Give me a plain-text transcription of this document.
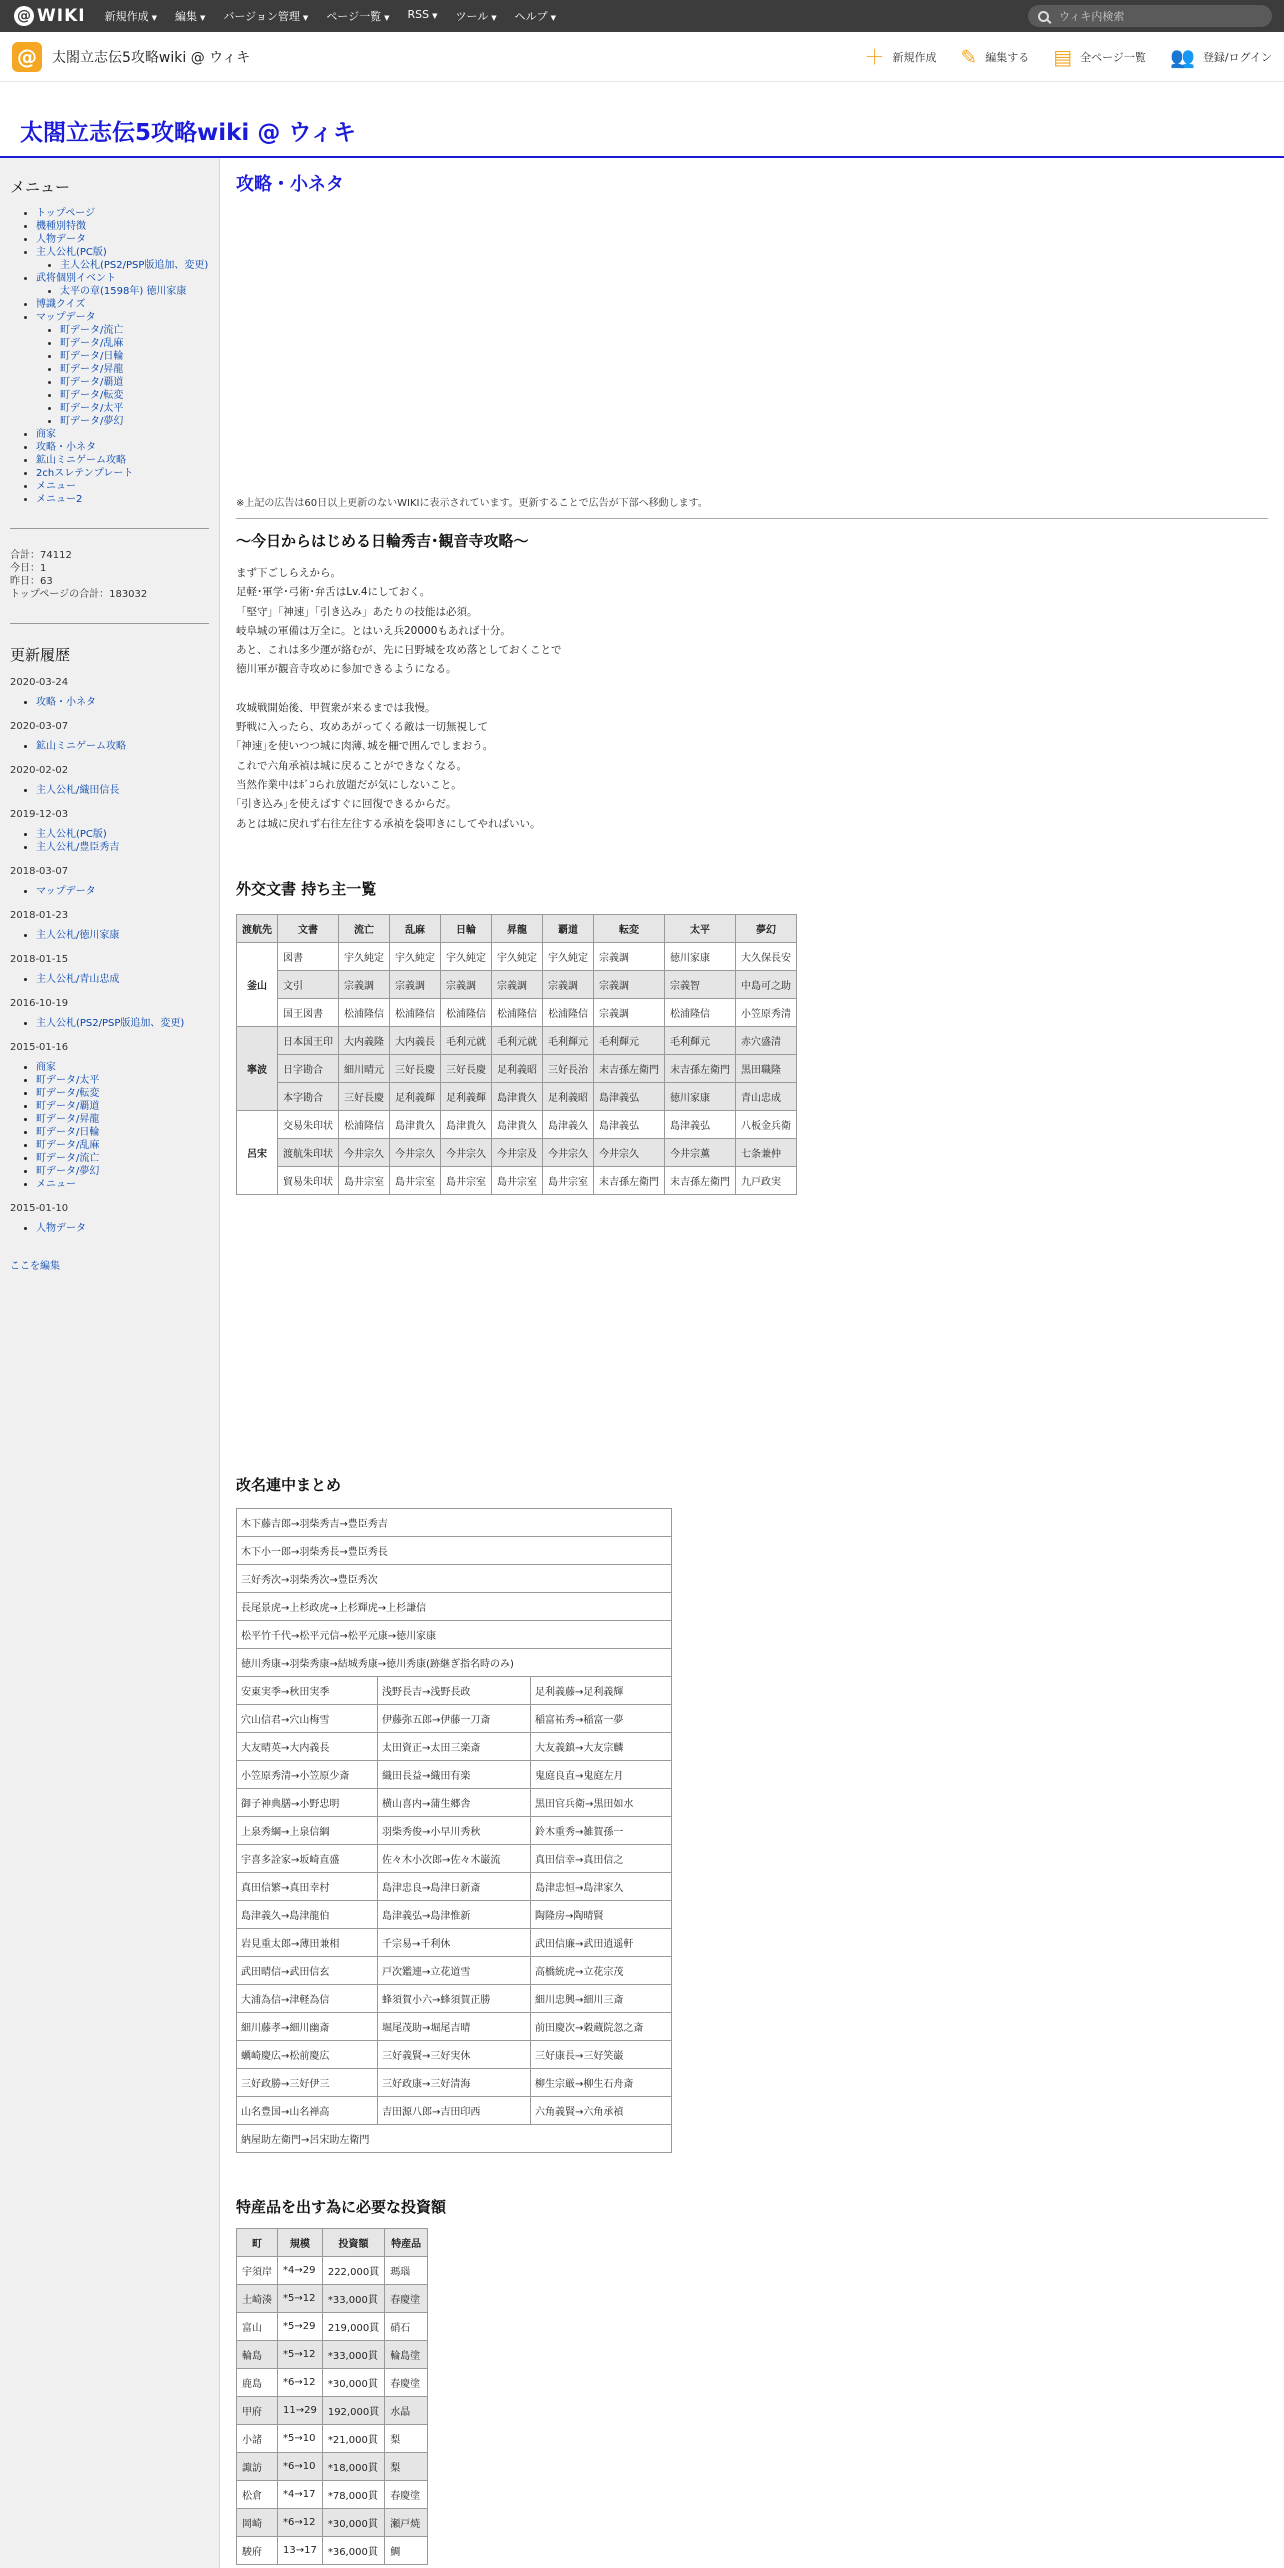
@ WIKI	新規作成 ▼	編集 ▼	バージョン管理 ▼	ページ一覧 ▼	RSS ▼	ツール ▼	ヘルプ ▼
ウィキ内検索
@	太閤立志伝5攻略wiki @ ウィキ	＋ 新規作成 ✎ 編集する ▤ 全ページ一覧 👥 登録/ログイン
太閤立志伝5攻略wiki @ ウィキ
メニュー
• トップページ
• 機種別特徴
• 人物データ
• 主人公札(PC版)
• 主人公札(PS2/PSP版追加、変更)
• 武将個別イベント
• 太平の章(1598年) 徳川家康
• 博識クイズ
• マップデータ
• 町データ/流亡
• 町データ/乱麻
• 町データ/日輪
• 町データ/昇龍
• 町データ/覇道
• 町データ/転変
• 町データ/太平
• 町データ/夢幻
• 商家
• 攻略・小ネタ
• 鉱山ミニゲーム攻略
• 2chスレテンプレート
• メニュー
• メニュー2
合計：74112
今日：1
昨日：63
トップページの合計：183032
更新履歴
2020-03-24
• 攻略・小ネタ
2020-03-07
• 鉱山ミニゲーム攻略
2020-02-02
• 主人公札/織田信長
2019-12-03
• 主人公札(PC版)
• 主人公札/豊臣秀吉
2018-03-07
• マップデータ
2018-01-23
• 主人公札/徳川家康
2018-01-15
• 主人公札/青山忠成
2016-10-19
• 主人公札(PS2/PSP版追加、変更)
2015-01-16
• 商家
• 町データ/太平
• 町データ/転変
• 町データ/覇道
• 町データ/昇龍
• 町データ/日輪
• 町データ/乱麻
• 町データ/流亡
• 町データ/夢幻
• メニュー
2015-01-10
• 人物データ
ここを編集
攻略・小ネタ
※上記の広告は60日以上更新のないWIKIに表示されています。更新することで広告が下部へ移動します。
～今日からはじめる日輪秀吉･観音寺攻略～
まず下ごしらえから。
足軽･軍学･弓術･弁舌はLv.4にしておく。
「堅守」｢神速｣「引き込み」あたりの技能は必須。
岐阜城の軍備は万全に。とはいえ兵20000もあれば十分。
あと、これは多少運が絡むが、先に日野城を攻め落としておくことで
徳川軍が観音寺攻めに参加できるようになる。
攻城戦開始後、甲賀衆が来るまでは我慢。
野戦に入ったら、攻めあがってくる敵は一切無視して
｢神速｣を使いつつ城に肉薄､城を柵で囲んでしまおう。
これで六角承禎は城に戻ることができなくなる。
当然作業中はﾎﾞｺられ放題だが気にしないこと。
｢引き込み｣を使えばすぐに回復できるからだ。
あとは城に戻れず右往左往する承禎を袋叩きにしてやればいい。
外交文書 持ち主一覧
渡航先	文書	流亡	乱麻	日輪	昇龍	覇道	転変	太平	夢幻
釜山	図書	宇久純定	宇久純定	宇久純定	宇久純定	宇久純定	宗義調	徳川家康	大久保長安
	文引	宗義調	宗義調	宗義調	宗義調	宗義調	宗義調	宗義智	中島可之助
	国王図書	松浦隆信	松浦隆信	松浦隆信	松浦隆信	松浦隆信	宗義調	松浦隆信	小笠原秀清
寧波	日本国王印	大内義隆	大内義長	毛利元就	毛利元就	毛利輝元	毛利輝元	毛利輝元	赤穴盛清
	日字勘合	細川晴元	三好長慶	三好長慶	足利義昭	三好長治	末吉孫左衛門	末吉孫左衛門	黒田職隆
	本字勘合	三好長慶	足利義輝	足利義輝	島津貴久	足利義昭	島津義弘	徳川家康	青山忠成
呂宋	交易朱印状	松浦隆信	島津貴久	島津貴久	島津貴久	島津義久	島津義弘	島津義弘	八板金兵衛
	渡航朱印状	今井宗久	今井宗久	今井宗久	今井宗及	今井宗久	今井宗久	今井宗薫	七条兼仲
	貿易朱印状	島井宗室	島井宗室	島井宗室	島井宗室	島井宗室	末吉孫左衛門	末吉孫左衛門	九戸政実
改名連中まとめ
木下藤吉郎→羽柴秀吉→豊臣秀吉		
木下小一郎→羽柴秀長→豊臣秀長		
三好秀次→羽柴秀次→豊臣秀次		
長尾景虎→上杉政虎→上杉輝虎→上杉謙信		
松平竹千代→松平元信→松平元康→徳川家康		
徳川秀康→羽柴秀康→結城秀康→徳川秀康(跡継ぎ指名時のみ)		
安東実季→秋田実季	浅野長吉→浅野長政	足利義藤→足利義輝
穴山信君→穴山梅雪	伊藤弥五郎→伊藤一刀斎	稲富祐秀→稲富一夢
大友晴英→大内義長	太田資正→太田三楽斎	大友義鎮→大友宗麟
小笠原秀清→小笠原少斎	織田長益→織田有楽	鬼庭良直→鬼庭左月
御子神典膳→小野忠明	横山喜内→蒲生郷舎	黒田官兵衛→黒田如水
上泉秀綱→上泉信綱	羽柴秀俊→小早川秀秋	鈴木重秀→雑賀孫一
宇喜多詮家→坂崎直盛	佐々木小次郎→佐々木巌流	真田信幸→真田信之
真田信繁→真田幸村	島津忠良→島津日新斎	島津忠恒→島津家久
島津義久→島津龍伯	島津義弘→島津惟新	陶隆房→陶晴賢
岩見重太郎→薄田兼相	千宗易→千利休	武田信廉→武田逍遥軒
武田晴信→武田信玄	戸次鑑連→立花道雪	高橋統虎→立花宗茂
大浦為信→津軽為信	蜂須賀小六→蜂須賀正勝	細川忠興→細川三斎
細川藤孝→細川幽斎	堀尾茂助→堀尾吉晴	前田慶次→穀蔵院忽之斎
蠣崎慶広→松前慶広	三好義賢→三好実休	三好康長→三好笑巌
三好政勝→三好伊三	三好政康→三好清海	柳生宗厳→柳生石舟斎
山名豊国→山名禅高	吉田源八郎→吉田印西	六角義賢→六角承禎
納屋助左衛門→呂宋助左衛門		
特産品を出す為に必要な投資額
町	規模	投資額	特産品
宇須岸	*4→29	222,000貫	瑪瑙
土崎湊	*5→12	*33,000貫	春慶塗
富山	*5→29	219,000貫	硝石
輪島	*5→12	*33,000貫	輪島塗
鹿島	*6→12	*30,000貫	春慶塗
甲府	11→29	192,000貫	水晶
小諸	*5→10	*21,000貫	梨
諏訪	*6→10	*18,000貫	梨
松倉	*4→17	*78,000貫	春慶塗
岡崎	*6→12	*30,000貫	瀬戸焼
駿府	13→17	*36,000貫	鯛
